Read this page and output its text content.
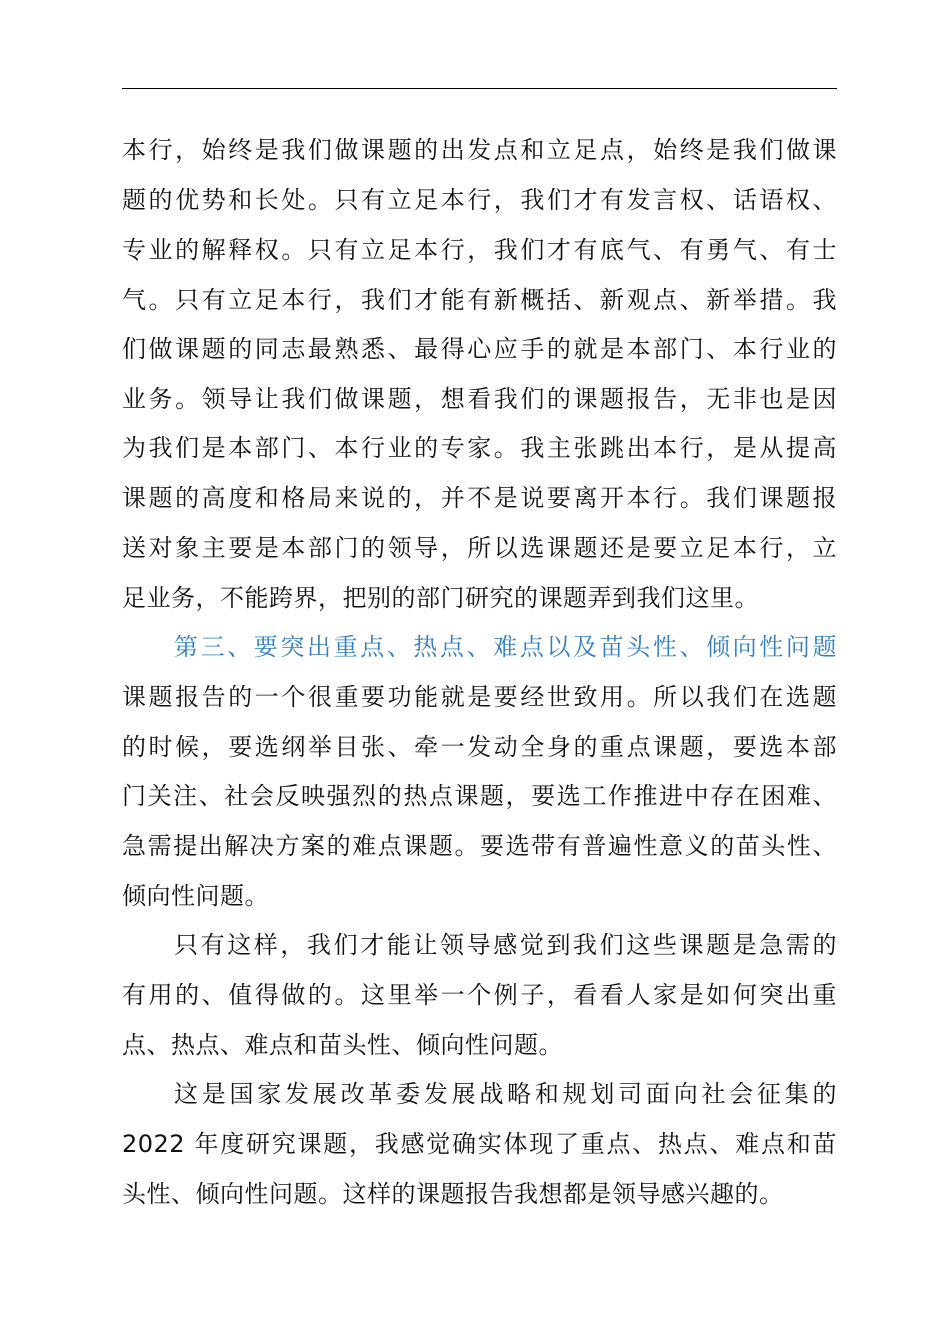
本行，始终是我们做课题的出发点和立足点，始终是我们做课
题的优势和长处。只有立足本行，我们才有发言权、话语权、
专业的解释权。只有立足本行，我们才有底气、有勇气、有士
气。只有立足本行，我们才能有新概括、新观点、新举措。我
们做课题的同志最熟悉、最得心应手的就是本部门、本行业的
业务。领导让我们做课题，想看我们的课题报告，无非也是因
为我们是本部门、本行业的专家。我主张跳出本行，是从提高
课题的高度和格局来说的，并不是说要离开本行。我们课题报
送对象主要是本部门的领导，所以选课题还是要立足本行，立
足业务，不能跨界，把别的部门研究的课题弄到我们这里。
第三、要突出重点、热点、难点以及苗头性、倾向性问题
课题报告的一个很重要功能就是要经世致用。所以我们在选题
的时候，要选纲举目张、牵一发动全身的重点课题，要选本部
门关注、社会反映强烈的热点课题，要选工作推进中存在困难、
急需提出解决方案的难点课题。要选带有普遍性意义的苗头性、
倾向性问题。
只有这样，我们才能让领导感觉到我们这些课题是急需的
有用的、值得做的。这里举一个例子，看看人家是如何突出重
点、热点、难点和苗头性、倾向性问题。
这是国家发展改革委发展战略和规划司面向社会征集的
2022 年度研究课题，我感觉确实体现了重点、热点、难点和苗
头性、倾向性问题。这样的课题报告我想都是领导感兴趣的。
